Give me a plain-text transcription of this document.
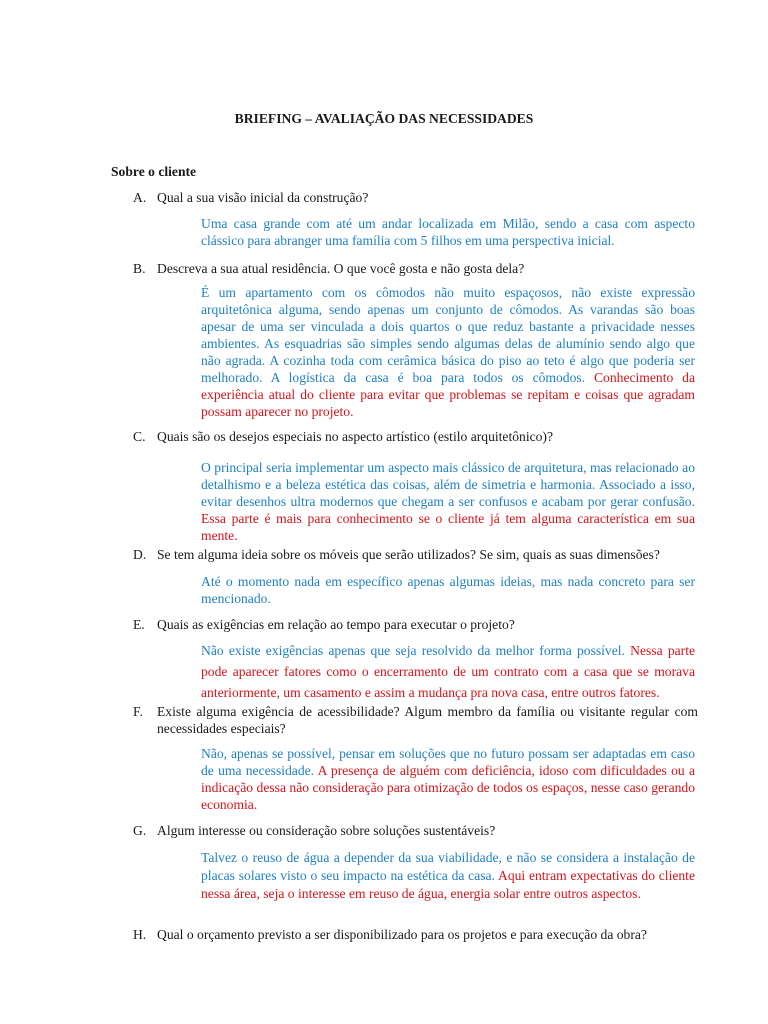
BRIEFING – AVALIAÇÃO DAS NECESSIDADES
Sobre o cliente
A. Qual a sua visão inicial da construção?
Uma casa grande com até um andar localizada em Milão, sendo a casa com aspecto clássico para abranger uma família com 5 filhos em uma perspectiva inicial.
B. Descreva a sua atual residência. O que você gosta e não gosta dela?
É um apartamento com os cômodos não muito espaçosos, não existe expressão arquitetônica alguma, sendo apenas um conjunto de cômodos. As varandas são boas apesar de uma ser vinculada a dois quartos o que reduz bastante a privacidade nesses ambientes. As esquadrias são simples sendo algumas delas de alumínio sendo algo que não agrada. A cozinha toda com cerâmica básica do piso ao teto é algo que poderia ser melhorado. A logística da casa é boa para todos os cômodos. Conhecimento da experiência atual do cliente para evitar que problemas se repitam e coisas que agradam possam aparecer no projeto.
C. Quais são os desejos especiais no aspecto artístico (estilo arquitetônico)?
O principal seria implementar um aspecto mais clássico de arquitetura, mas relacionado ao detalhismo e a beleza estética das coisas, além de simetria e harmonia. Associado a isso, evitar desenhos ultra modernos que chegam a ser confusos e acabam por gerar confusão. Essa parte é mais para conhecimento se o cliente já tem alguma característica em sua mente.
D. Se tem alguma ideia sobre os móveis que serão utilizados? Se sim, quais as suas dimensões?
Até o momento nada em específico apenas algumas ideias, mas nada concreto para ser mencionado.
E. Quais as exigências em relação ao tempo para executar o projeto?
Não existe exigências apenas que seja resolvido da melhor forma possível. Nessa parte pode aparecer fatores como o encerramento de um contrato com a casa que se morava anteriormente, um casamento e assim a mudança pra nova casa, entre outros fatores.
F. Existe alguma exigência de acessibilidade? Algum membro da família ou visitante regular com necessidades especiais?
Não, apenas se possível, pensar em soluções que no futuro possam ser adaptadas em caso de uma necessidade. A presença de alguém com deficiência, idoso com dificuldades ou a indicação dessa não consideração para otimização de todos os espaços, nesse caso gerando economia.
G. Algum interesse ou consideração sobre soluções sustentáveis?
Talvez o reuso de água a depender da sua viabilidade, e não se considera a instalação de placas solares visto o seu impacto na estética da casa. Aqui entram expectativas do cliente nessa área, seja o interesse em reuso de água, energia solar entre outros aspectos.
H. Qual o orçamento previsto a ser disponibilizado para os projetos e para execução da obra?
